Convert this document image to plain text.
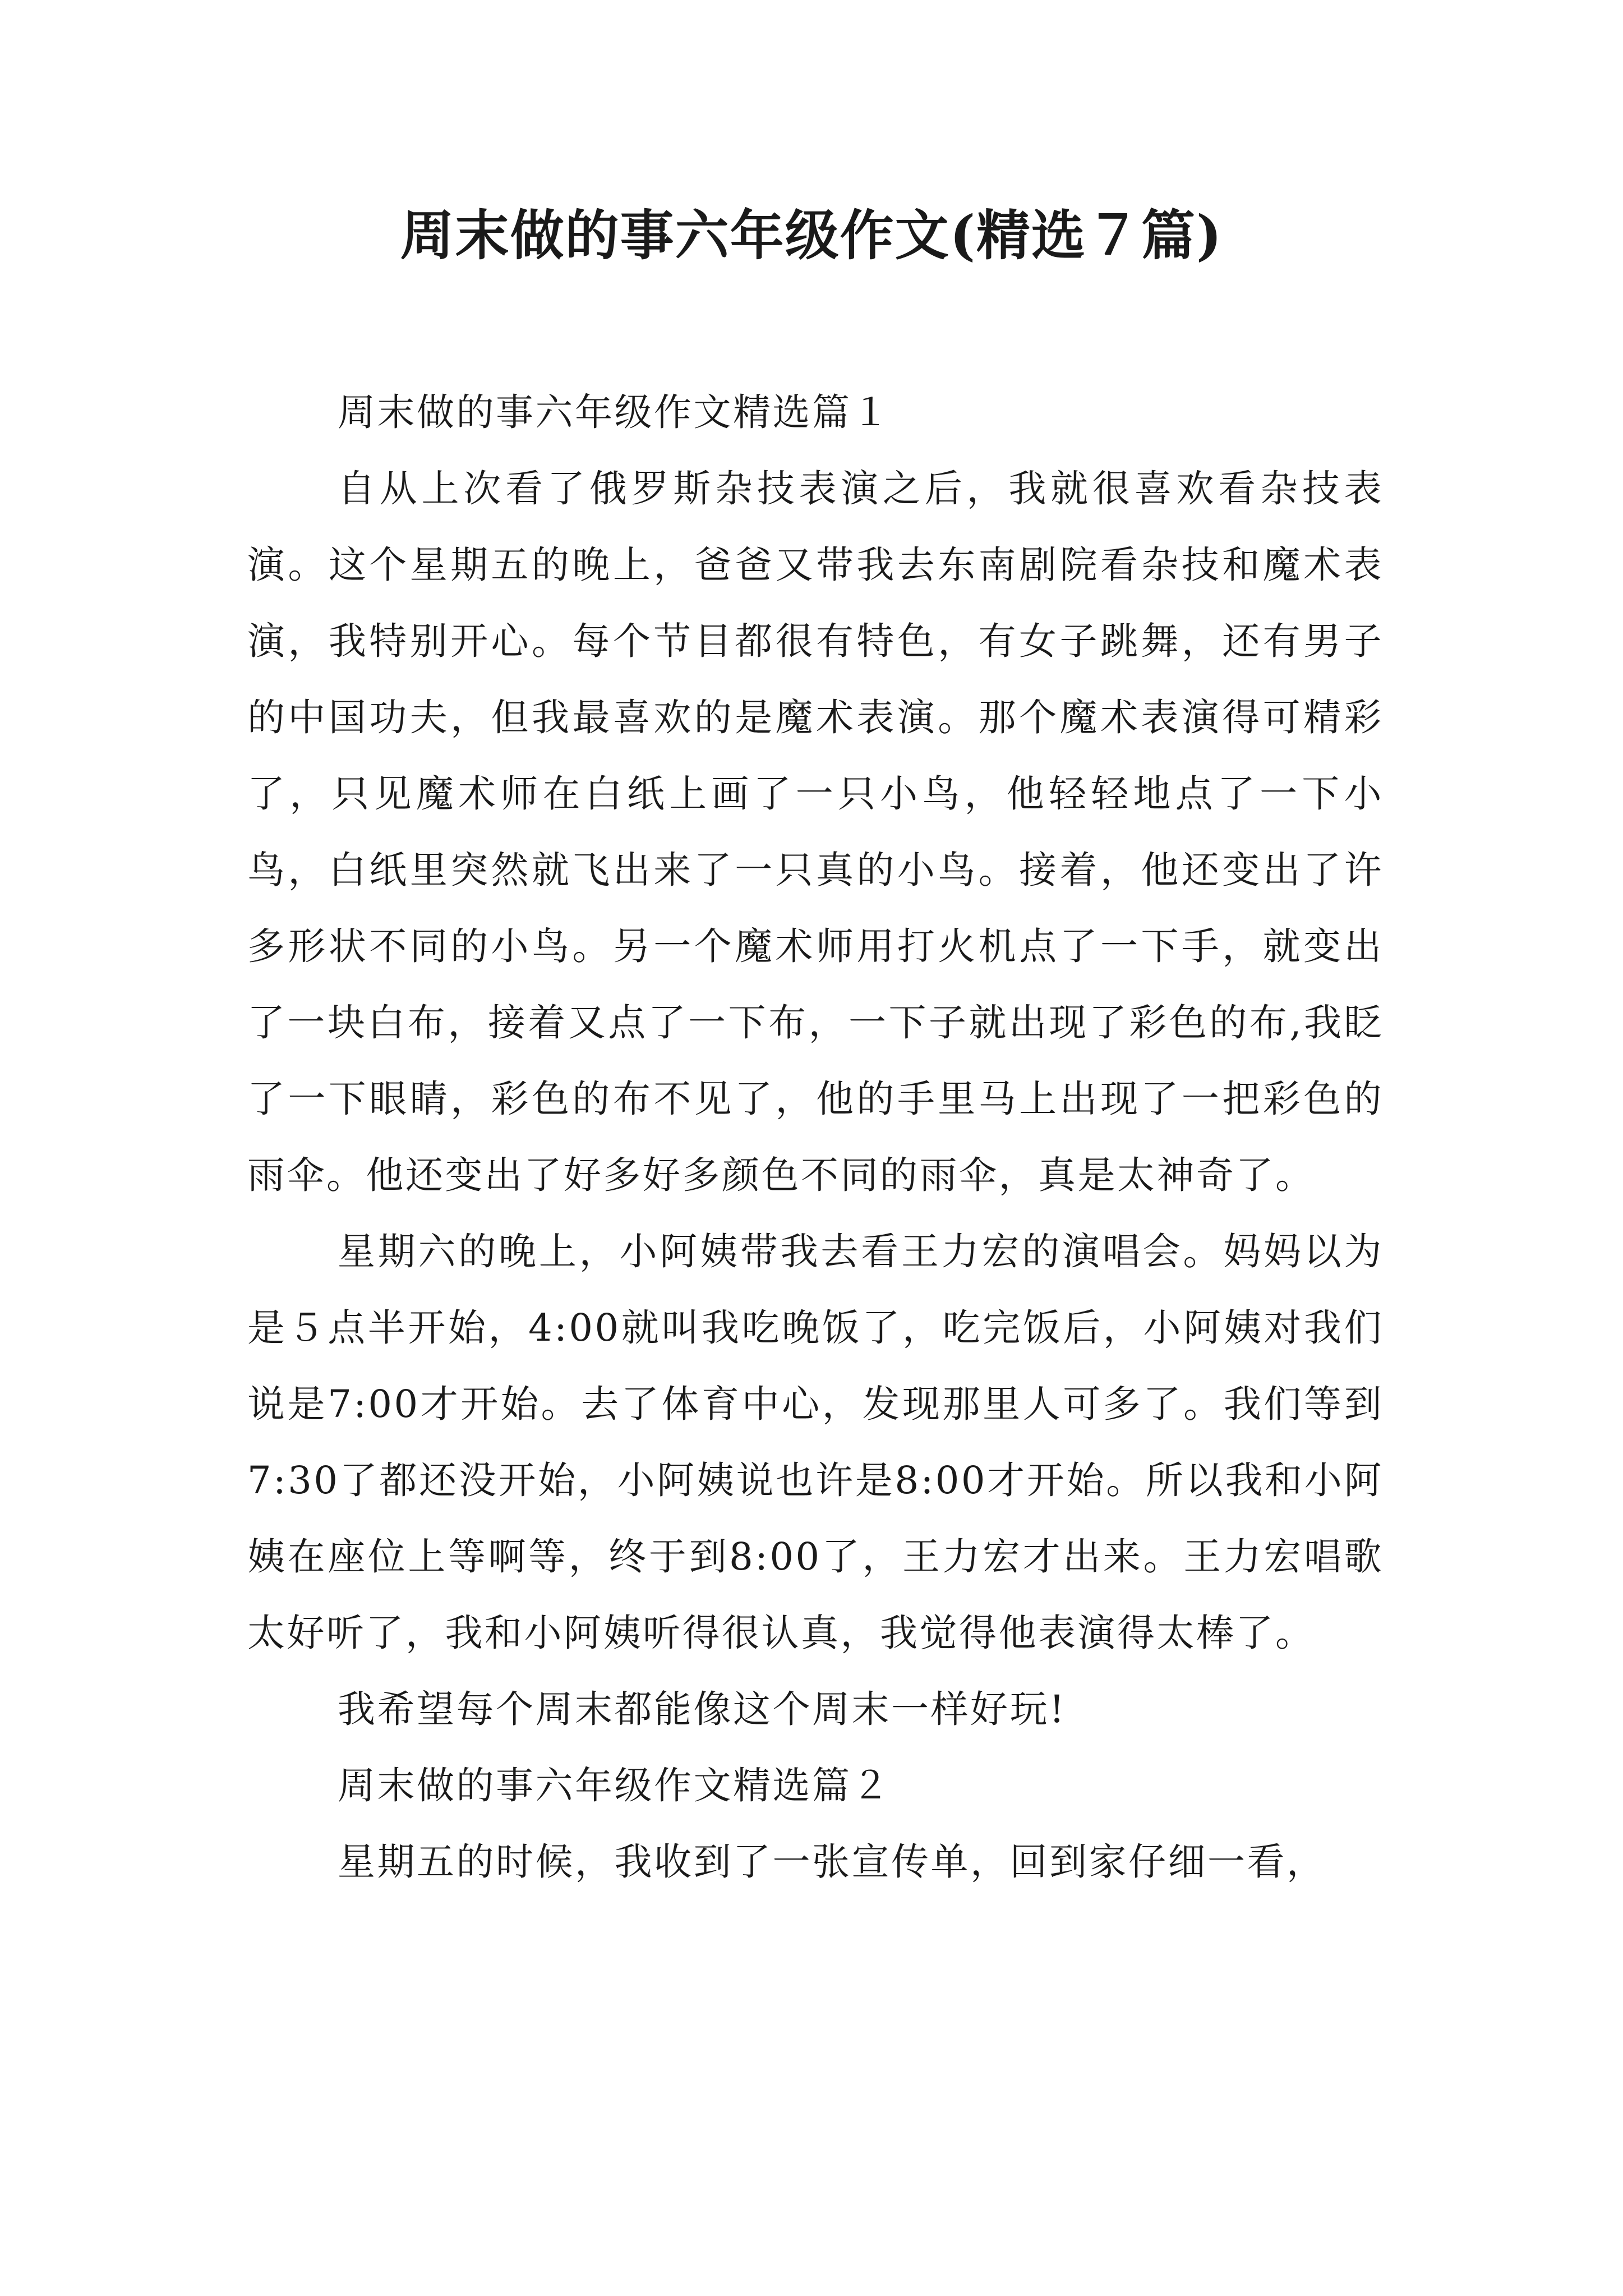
周末做的事六年级作文(精选７篇)

周末做的事六年级作文精选篇１

自从上次看了俄罗斯杂技表演之后，我就很喜欢看杂技表演。这个星期五的晚上，爸爸又带我去东南剧院看杂技和魔术表演，我特别开心。每个节目都很有特色，有女子跳舞，还有男子的中国功夫，但我最喜欢的是魔术表演。那个魔术表演得可精彩了，只见魔术师在白纸上画了一只小鸟，他轻轻地点了一下小鸟，白纸里突然就飞出来了一只真的小鸟。接着，他还变出了许多形状不同的小鸟。另一个魔术师用打火机点了一下手，就变出了一块白布，接着又点了一下布，一下子就出现了彩色的布,我眨了一下眼睛，彩色的布不见了，他的手里马上出现了一把彩色的雨伞。他还变出了好多好多颜色不同的雨伞，真是太神奇了。

星期六的晚上，小阿姨带我去看王力宏的演唱会。妈妈以为是５点半开始，4:00就叫我吃晚饭了，吃完饭后，小阿姨对我们说是7:00才开始。去了体育中心，发现那里人可多了。我们等到7:30了都还没开始，小阿姨说也许是8:00才开始。所以我和小阿姨在座位上等啊等，终于到8:00了，王力宏才出来。王力宏唱歌太好听了，我和小阿姨听得很认真，我觉得他表演得太棒了。

我希望每个周末都能像这个周末一样好玩!

周末做的事六年级作文精选篇２

星期五的时候，我收到了一张宣传单，回到家仔细一看，
